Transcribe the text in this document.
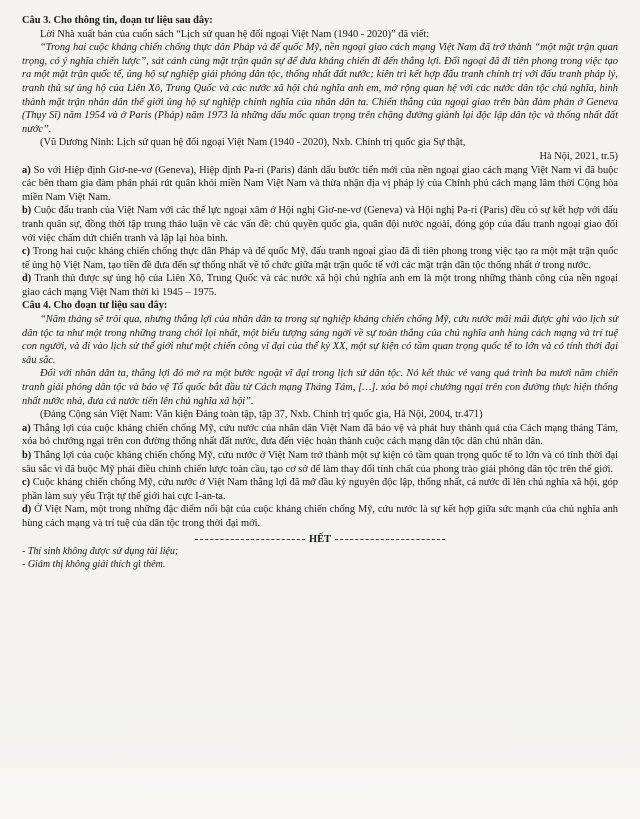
Câu 3. Cho thông tin, đoạn tư liệu sau đây:

Lời Nhà xuất bản của cuốn sách “Lịch sử quan hệ đối ngoại Việt Nam (1940 - 2020)” đã viết:

“Trong hai cuộc kháng chiến chống thực dân Pháp và đế quốc Mỹ, nền ngoại giao cách mạng Việt Nam đã trở thành “một mặt trận quan trọng, có ý nghĩa chiến lược”, sát cánh cùng mặt trận quân sự để đưa kháng chiến đi đến thắng lợi. Đối ngoại đã đi tiên phong trong việc tạo ra một mặt trận quốc tế, ủng hộ sự nghiệp giải phóng dân tộc, thống nhất đất nước; kiên trì kết hợp đấu tranh chính trị với đấu tranh pháp lý, tranh thủ sự ủng hộ của Liên Xô, Trung Quốc và các nước xã hội chủ nghĩa anh em, mở rộng quan hệ với các nước dân tộc chủ nghĩa, hình thành mặt trận nhân dân thế giới ủng hộ sự nghiệp chính nghĩa của nhân dân ta. Chiến thắng của ngoại giao trên bàn đàm phán ở Geneva (Thụy Sĩ) năm 1954 và ở Paris (Pháp) năm 1973 là những dấu mốc quan trọng trên chặng đường giành lại độc lập dân tộc và thống nhất đất nước”.

(Vũ Dương Ninh: Lịch sử quan hệ đối ngoại Việt Nam (1940 - 2020), Nxb. Chính trị quốc gia Sự thật,

Hà Nội, 2021, tr.5)

a) So với Hiệp định Giơ-ne-vơ (Geneva), Hiệp định Pa-ri (Paris) đánh dấu bước tiến mới của nền ngoại giao cách mạng Việt Nam vì đã buộc các bên tham gia đàm phán phải rút quân khỏi miền Nam Việt Nam và thừa nhận địa vị pháp lý của Chính phủ cách mạng lâm thời Cộng hòa miền Nam Việt Nam.

b) Cuộc đấu tranh của Việt Nam với các thế lực ngoại xâm ở Hội nghị Giơ-ne-vơ (Geneva) và Hội nghị Pa-ri (Paris) đều có sự kết hợp với đấu tranh quân sự, đồng thời tập trung thảo luận về các vấn đề: chủ quyền quốc gia, quân đội nước ngoài, đóng góp của đấu tranh ngoại giao đối với việc chấm dứt chiến tranh và lập lại hòa bình.

c) Trong hai cuộc kháng chiến chống thực dân Pháp và đế quốc Mỹ, đấu tranh ngoại giao đã đi tiên phong trong việc tạo ra một mặt trận quốc tế ủng hộ Việt Nam, tạo tiền đề đưa đến sự thống nhất về tổ chức giữa mặt trận quốc tế với các mặt trận dân tộc thống nhất ở trong nước.

d) Tranh thủ được sự ủng hộ của Liên Xô, Trung Quốc và các nước xã hội chủ nghĩa anh em là một trong những thành công của nền ngoại giao cách mạng Việt Nam thời kì 1945 – 1975.

Câu 4. Cho đoạn tư liệu sau đây:

“Năm tháng sẽ trôi qua, nhưng thắng lợi của nhân dân ta trong sự nghiệp kháng chiến chống Mỹ, cứu nước mãi mãi được ghi vào lịch sử dân tộc ta như một trong những trang chói lọi nhất, một biểu tượng sáng ngời về sự toàn thắng của chủ nghĩa anh hùng cách mạng và trí tuệ con người, và đi vào lịch sử thế giới như một chiến công vĩ đại của thế kỷ XX, một sự kiện có tầm quan trọng quốc tế to lớn và có tính thời đại sâu sắc.

Đối với nhân dân ta, thắng lợi đó mở ra một bước ngoặt vĩ đại trong lịch sử dân tộc. Nó kết thúc vẻ vang quá trình ba mươi năm chiến tranh giải phóng dân tộc và bảo vệ Tổ quốc bắt đầu từ Cách mạng Tháng Tám, […]. xóa bỏ mọi chướng ngại trên con đường thực hiện thống nhất nước nhà, đưa cả nước tiến lên chủ nghĩa xã hội”.

(Đảng Cộng sản Việt Nam: Văn kiện Đảng toàn tập, tập 37, Nxb. Chính trị quốc gia, Hà Nội, 2004, tr.471)

a) Thắng lợi của cuộc kháng chiến chống Mỹ, cứu nước của nhân dân Việt Nam đã bảo vệ và phát huy thành quả của Cách mạng tháng Tám, xóa bỏ chướng ngại trên con đường thống nhất đất nước, đưa đến việc hoàn thành cuộc cách mạng dân tộc dân chủ nhân dân.

b) Thắng lợi của cuộc kháng chiến chống Mỹ, cứu nước ở Việt Nam trở thành một sự kiện có tầm quan trọng quốc tế to lớn và có tính thời đại sâu sắc vì đã buộc Mỹ phải điều chỉnh chiến lược toàn cầu, tạo cơ sở để làm thay đổi tính chất của phong trào giải phóng dân tộc trên thế giới.

c) Cuộc kháng chiến chống Mỹ, cứu nước ở Việt Nam thắng lợi đã mở đầu kỷ nguyên độc lập, thống nhất, cả nước đi lên chủ nghĩa xã hội, góp phần làm suy yếu Trật tự thế giới hai cực I-an-ta.

d) Ở Việt Nam, một trong những đặc điểm nổi bật của cuộc kháng chiến chống Mỹ, cứu nước là sự kết hợp giữa sức mạnh của chủ nghĩa anh hùng cách mạng và trí tuệ của dân tộc trong thời đại mới.

HẾT

- Thí sinh không được sử dụng tài liệu;

- Giám thị không giải thích gì thêm.
